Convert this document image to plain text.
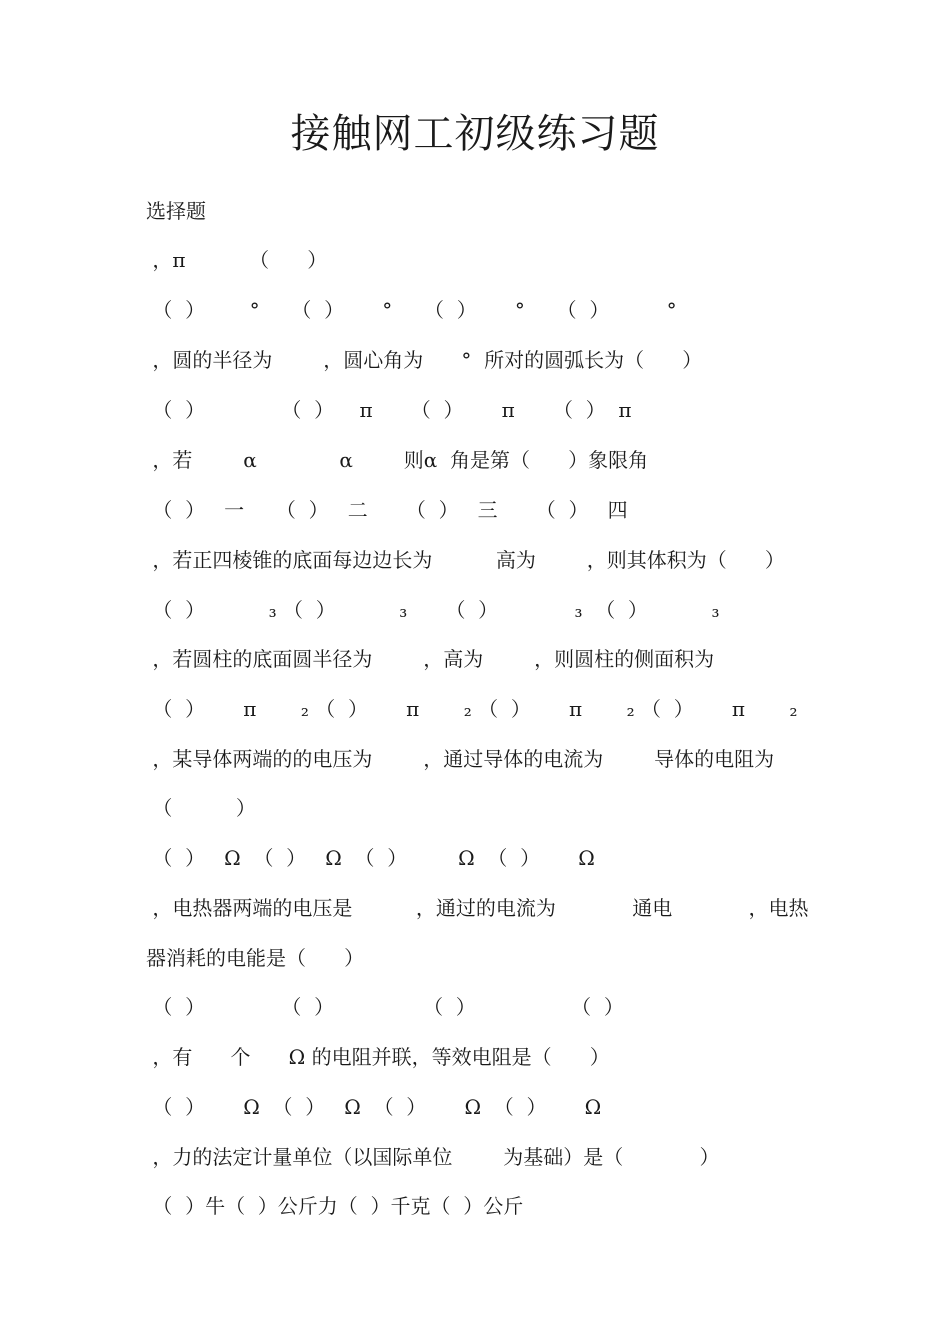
接触网工初级练习题
选择题
，π          （      ）
（  ）       °     （  ）      °     （  ）      °     （  ）         °
，圆的半径为        ，圆心角为      °  所对的圆弧长为（      ）
（  ）            （  ）    π      （  ）      π      （  ）  π
，若        α             α        则α  角是第（      ）象限角
（  ）   一     （  ）   二      （  ）   三      （  ）   四
，若正四棱锥的底面每边边长为          高为        ，则其体积为（      ）
（  ）          ₃ （  ）          ₃      （  ）            ₃  （  ）          ₃
，若圆柱的底面圆半径为        ，高为        ，则圆柱的侧面积为
（  ）      π       ₂ （  ）      π       ₂ （  ）      π       ₂ （  ）      π       ₂
，某导体两端的的电压为        ，通过导体的电流为        导体的电阻为
（          ）
（  ）   Ω  （  ）   Ω  （  ）        Ω  （  ）      Ω
，电热器两端的电压是          ，通过的电流为            通电            ，电热
器消耗的电能是（      ）
（  ）            （  ）              （  ）               （  ）
，有      个      Ω 的电阻并联，等效电阻是（      ）
（  ）      Ω  （  ）   Ω  （  ）      Ω  （  ）      Ω
，力的法定计量单位（以国际单位        为基础）是（            ）
（  ）牛（  ）公斤力（  ）千克（  ）公斤
